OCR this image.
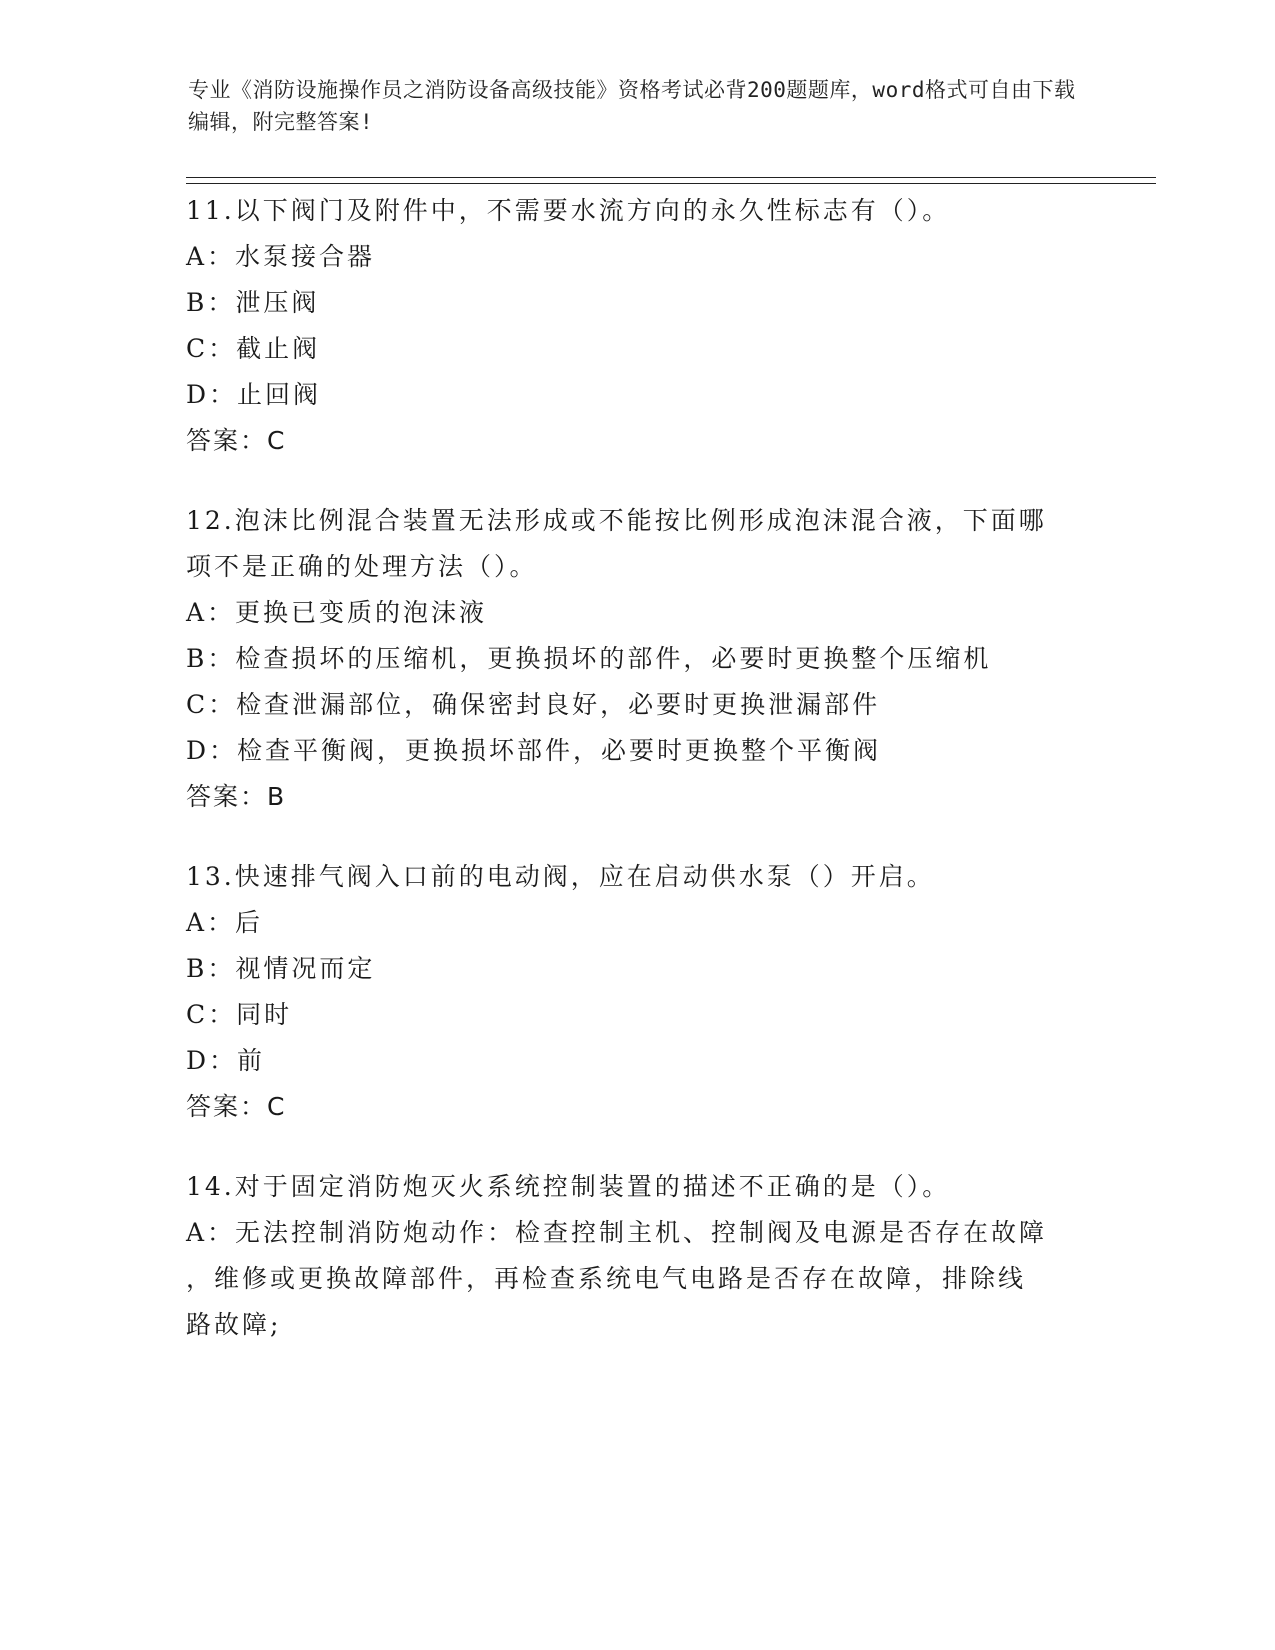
专业《消防设施操作员之消防设备高级技能》资格考试必背200题题库，word格式可自由下载编辑，附完整答案!
11.以下阀门及附件中，不需要水流方向的永久性标志有（）。
A：水泵接合器
B：泄压阀
C：截止阀
D：止回阀
答案：C
12.泡沫比例混合装置无法形成或不能按比例形成泡沫混合液，下面哪
项不是正确的处理方法（）。
A：更换已变质的泡沫液
B：检查损坏的压缩机，更换损坏的部件，必要时更换整个压缩机
C：检查泄漏部位，确保密封良好，必要时更换泄漏部件
D：检查平衡阀，更换损坏部件，必要时更换整个平衡阀
答案：B
13.快速排气阀入口前的电动阀，应在启动供水泵（）开启。
A：后
B：视情况而定
C：同时
D：前
答案：C
14.对于固定消防炮灭火系统控制装置的描述不正确的是（）。
A：无法控制消防炮动作：检查控制主机、控制阀及电源是否存在故障
，维修或更换故障部件，再检查系统电气电路是否存在故障，排除线
路故障;
